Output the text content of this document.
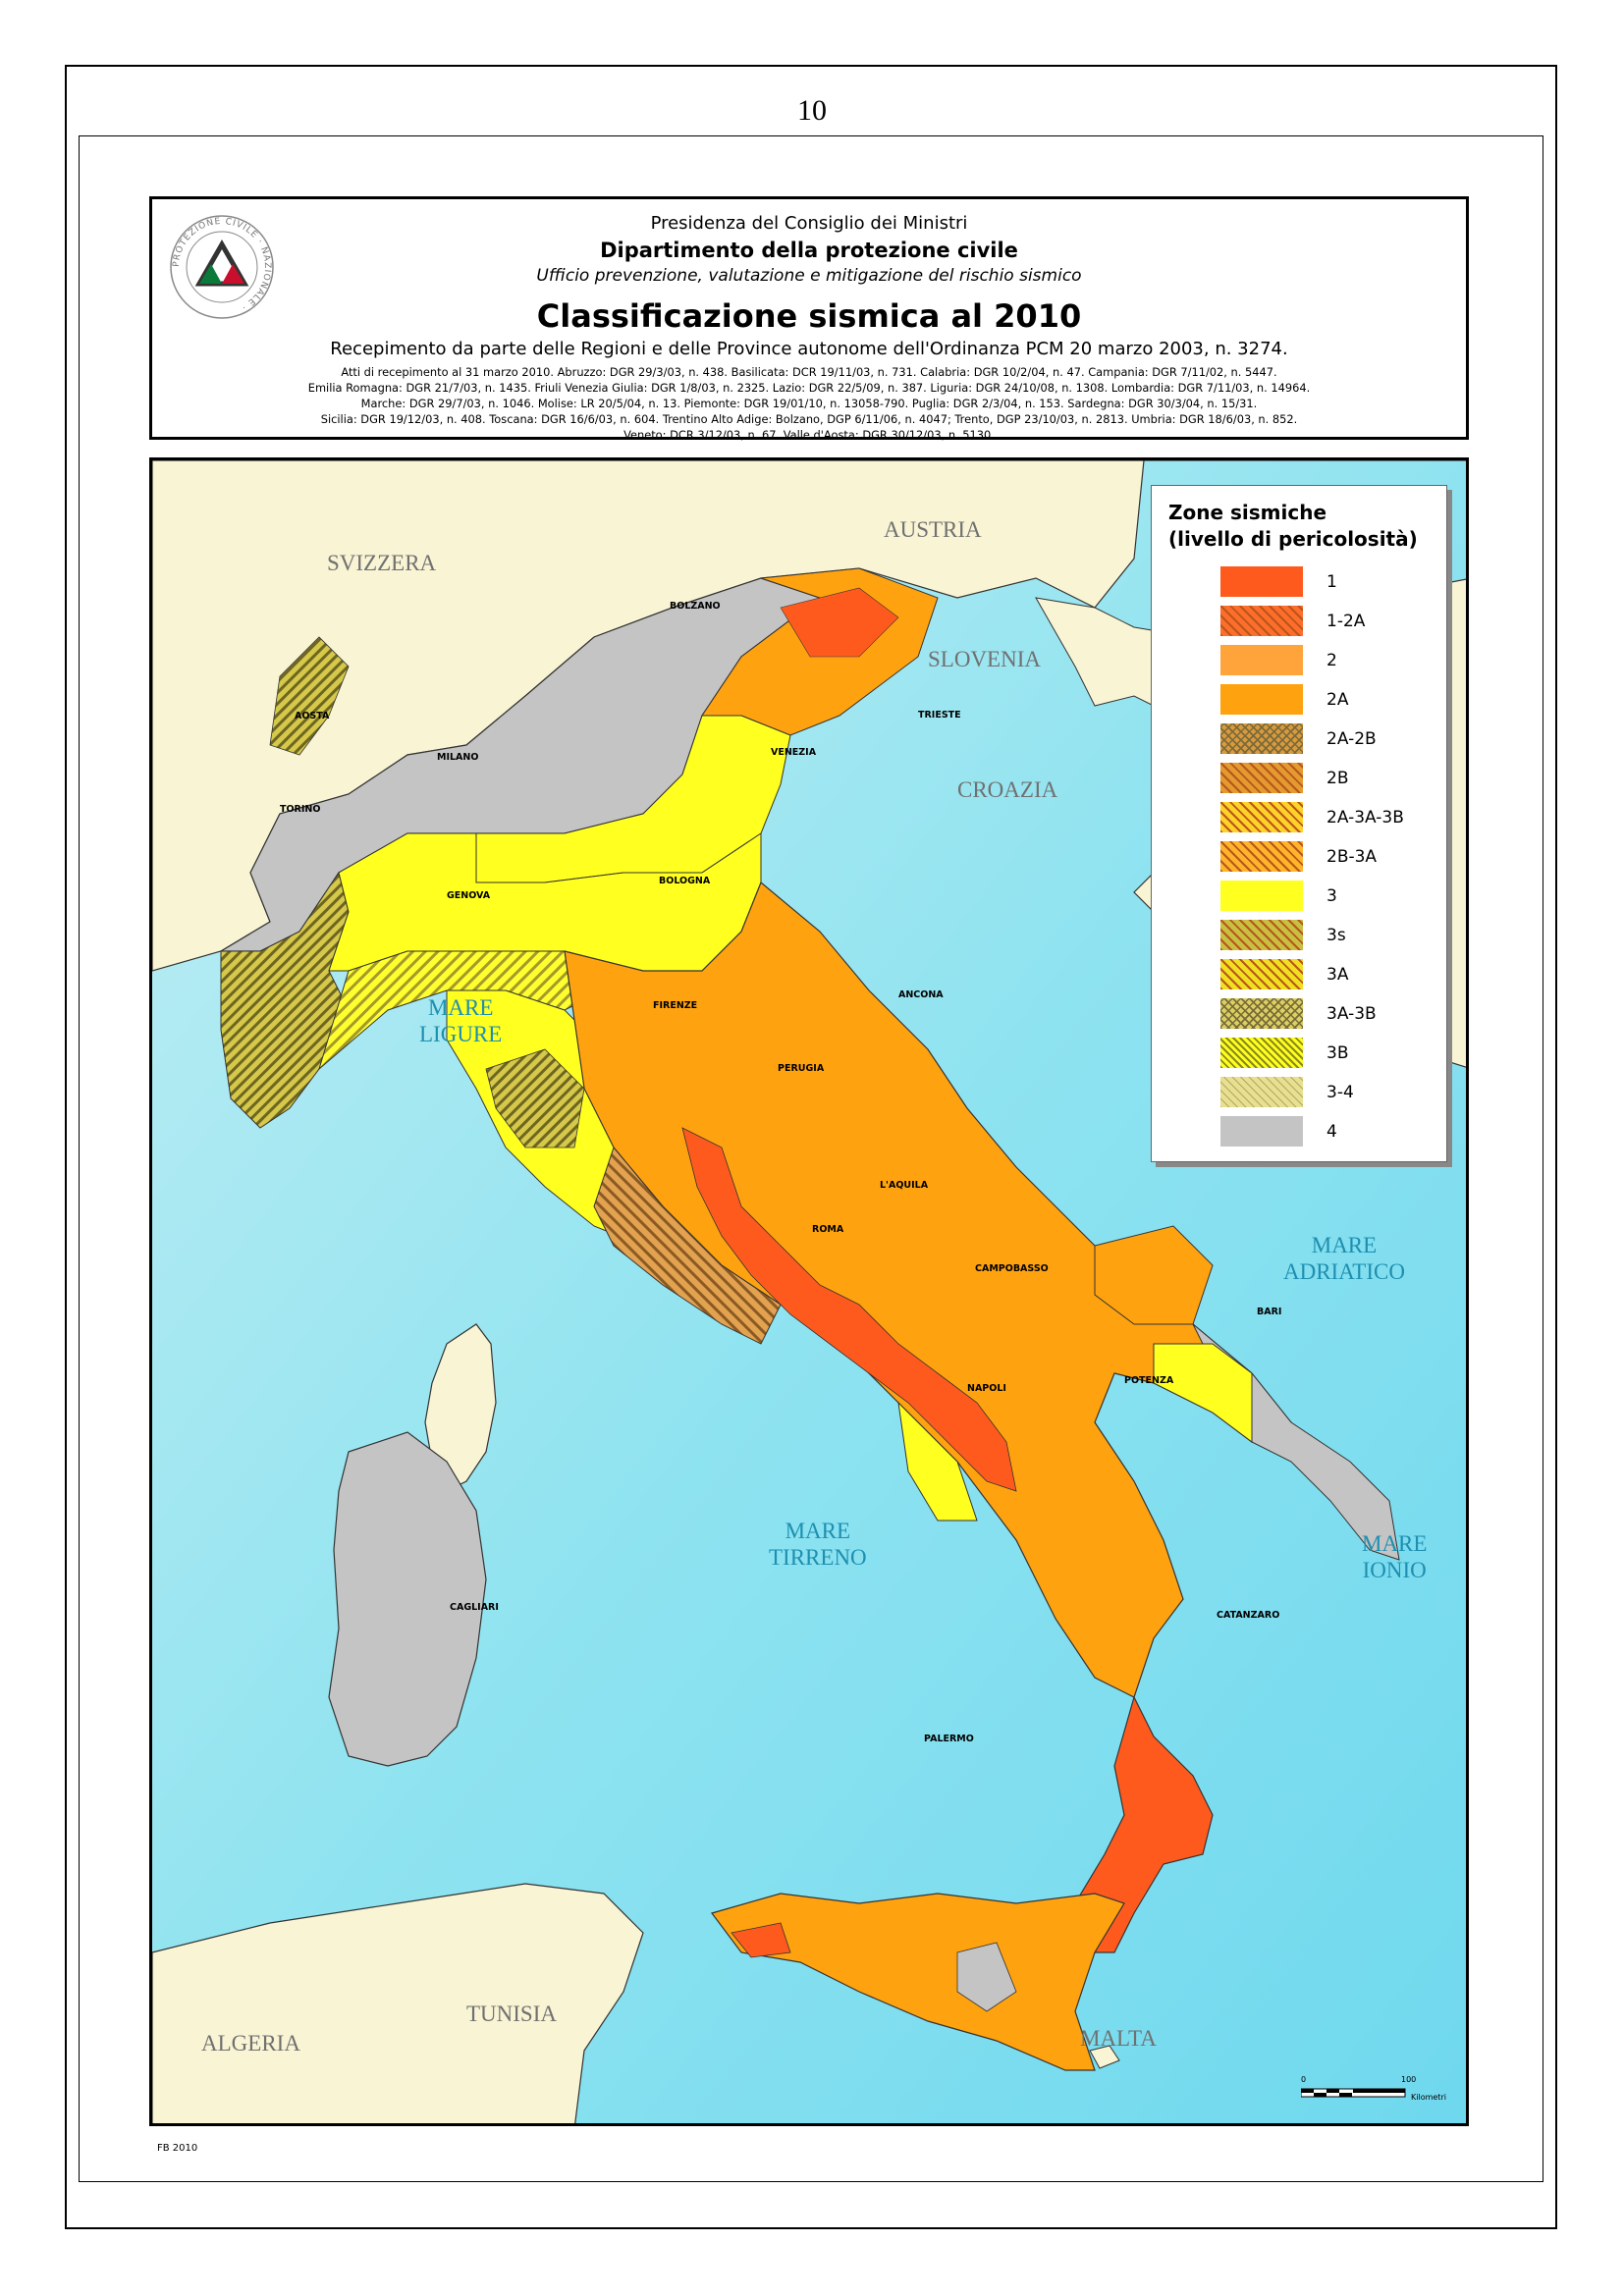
10
PROTEZIONE CIVILE · NAZIONALE ·
Presidenza del Consiglio dei Ministri
Dipartimento della protezione civile
Ufficio prevenzione, valutazione e mitigazione del rischio sismico
Classificazione sismica al 2010
Recepimento da parte delle Regioni e delle Province autonome dell'Ordinanza PCM 20 marzo 2003, n. 3274.
Atti di recepimento al 31 marzo 2010. Abruzzo: DGR 29/3/03, n. 438. Basilicata: DCR 19/11/03, n. 731. Calabria: DGR 10/2/04, n. 47. Campania: DGR 7/11/02, n. 5447.
Emilia Romagna: DGR 21/7/03, n. 1435. Friuli Venezia Giulia: DGR 1/8/03, n. 2325. Lazio: DGR 22/5/09, n. 387. Liguria: DGR 24/10/08, n. 1308. Lombardia: DGR 7/11/03, n. 14964.
Marche: DGR 29/7/03, n. 1046. Molise: LR 20/5/04, n. 13. Piemonte: DGR 19/01/10, n. 13058-790. Puglia: DGR 2/3/04, n. 153. Sardegna: DGR 30/3/04, n. 15/31.
Sicilia: DGR 19/12/03, n. 408. Toscana: DGR 16/6/03, n. 604. Trentino Alto Adige: Bolzano, DGP 6/11/06, n. 4047; Trento, DGP 23/10/03, n. 2813. Umbria: DGR 18/6/03, n. 852.
Veneto: DCR 3/12/03, n. 67. Valle d'Aosta: DGR 30/12/03, n. 5130.
SVIZZERA
AUSTRIA
SLOVENIA
CROAZIA
TUNISIA
ALGERIA	MALTA
MARE
LIGURE
MARE
ADRIATICO
MARE
TIRRENO
MARE
IONIO
BOLZANO
AOSTA	TRIESTE
MILANO	VENEZIA
TORINO
BOLOGNA
GENOVA
FIRENZE
ANCONA
PERUGIA
L'AQUILA
ROMA
CAMPOBASSO
BARI
NAPOLI
POTENZA
CAGLIARI
CATANZARO
PALERMO
Zone sismiche
(livello di pericolosità)
1
1-2A
2
2A
2A-2B
2B
2A-3A-3B
2B-3A
3
3s
3A
3A-3B
3B
3-4
4
0	100
Kilometri
FB 2010
